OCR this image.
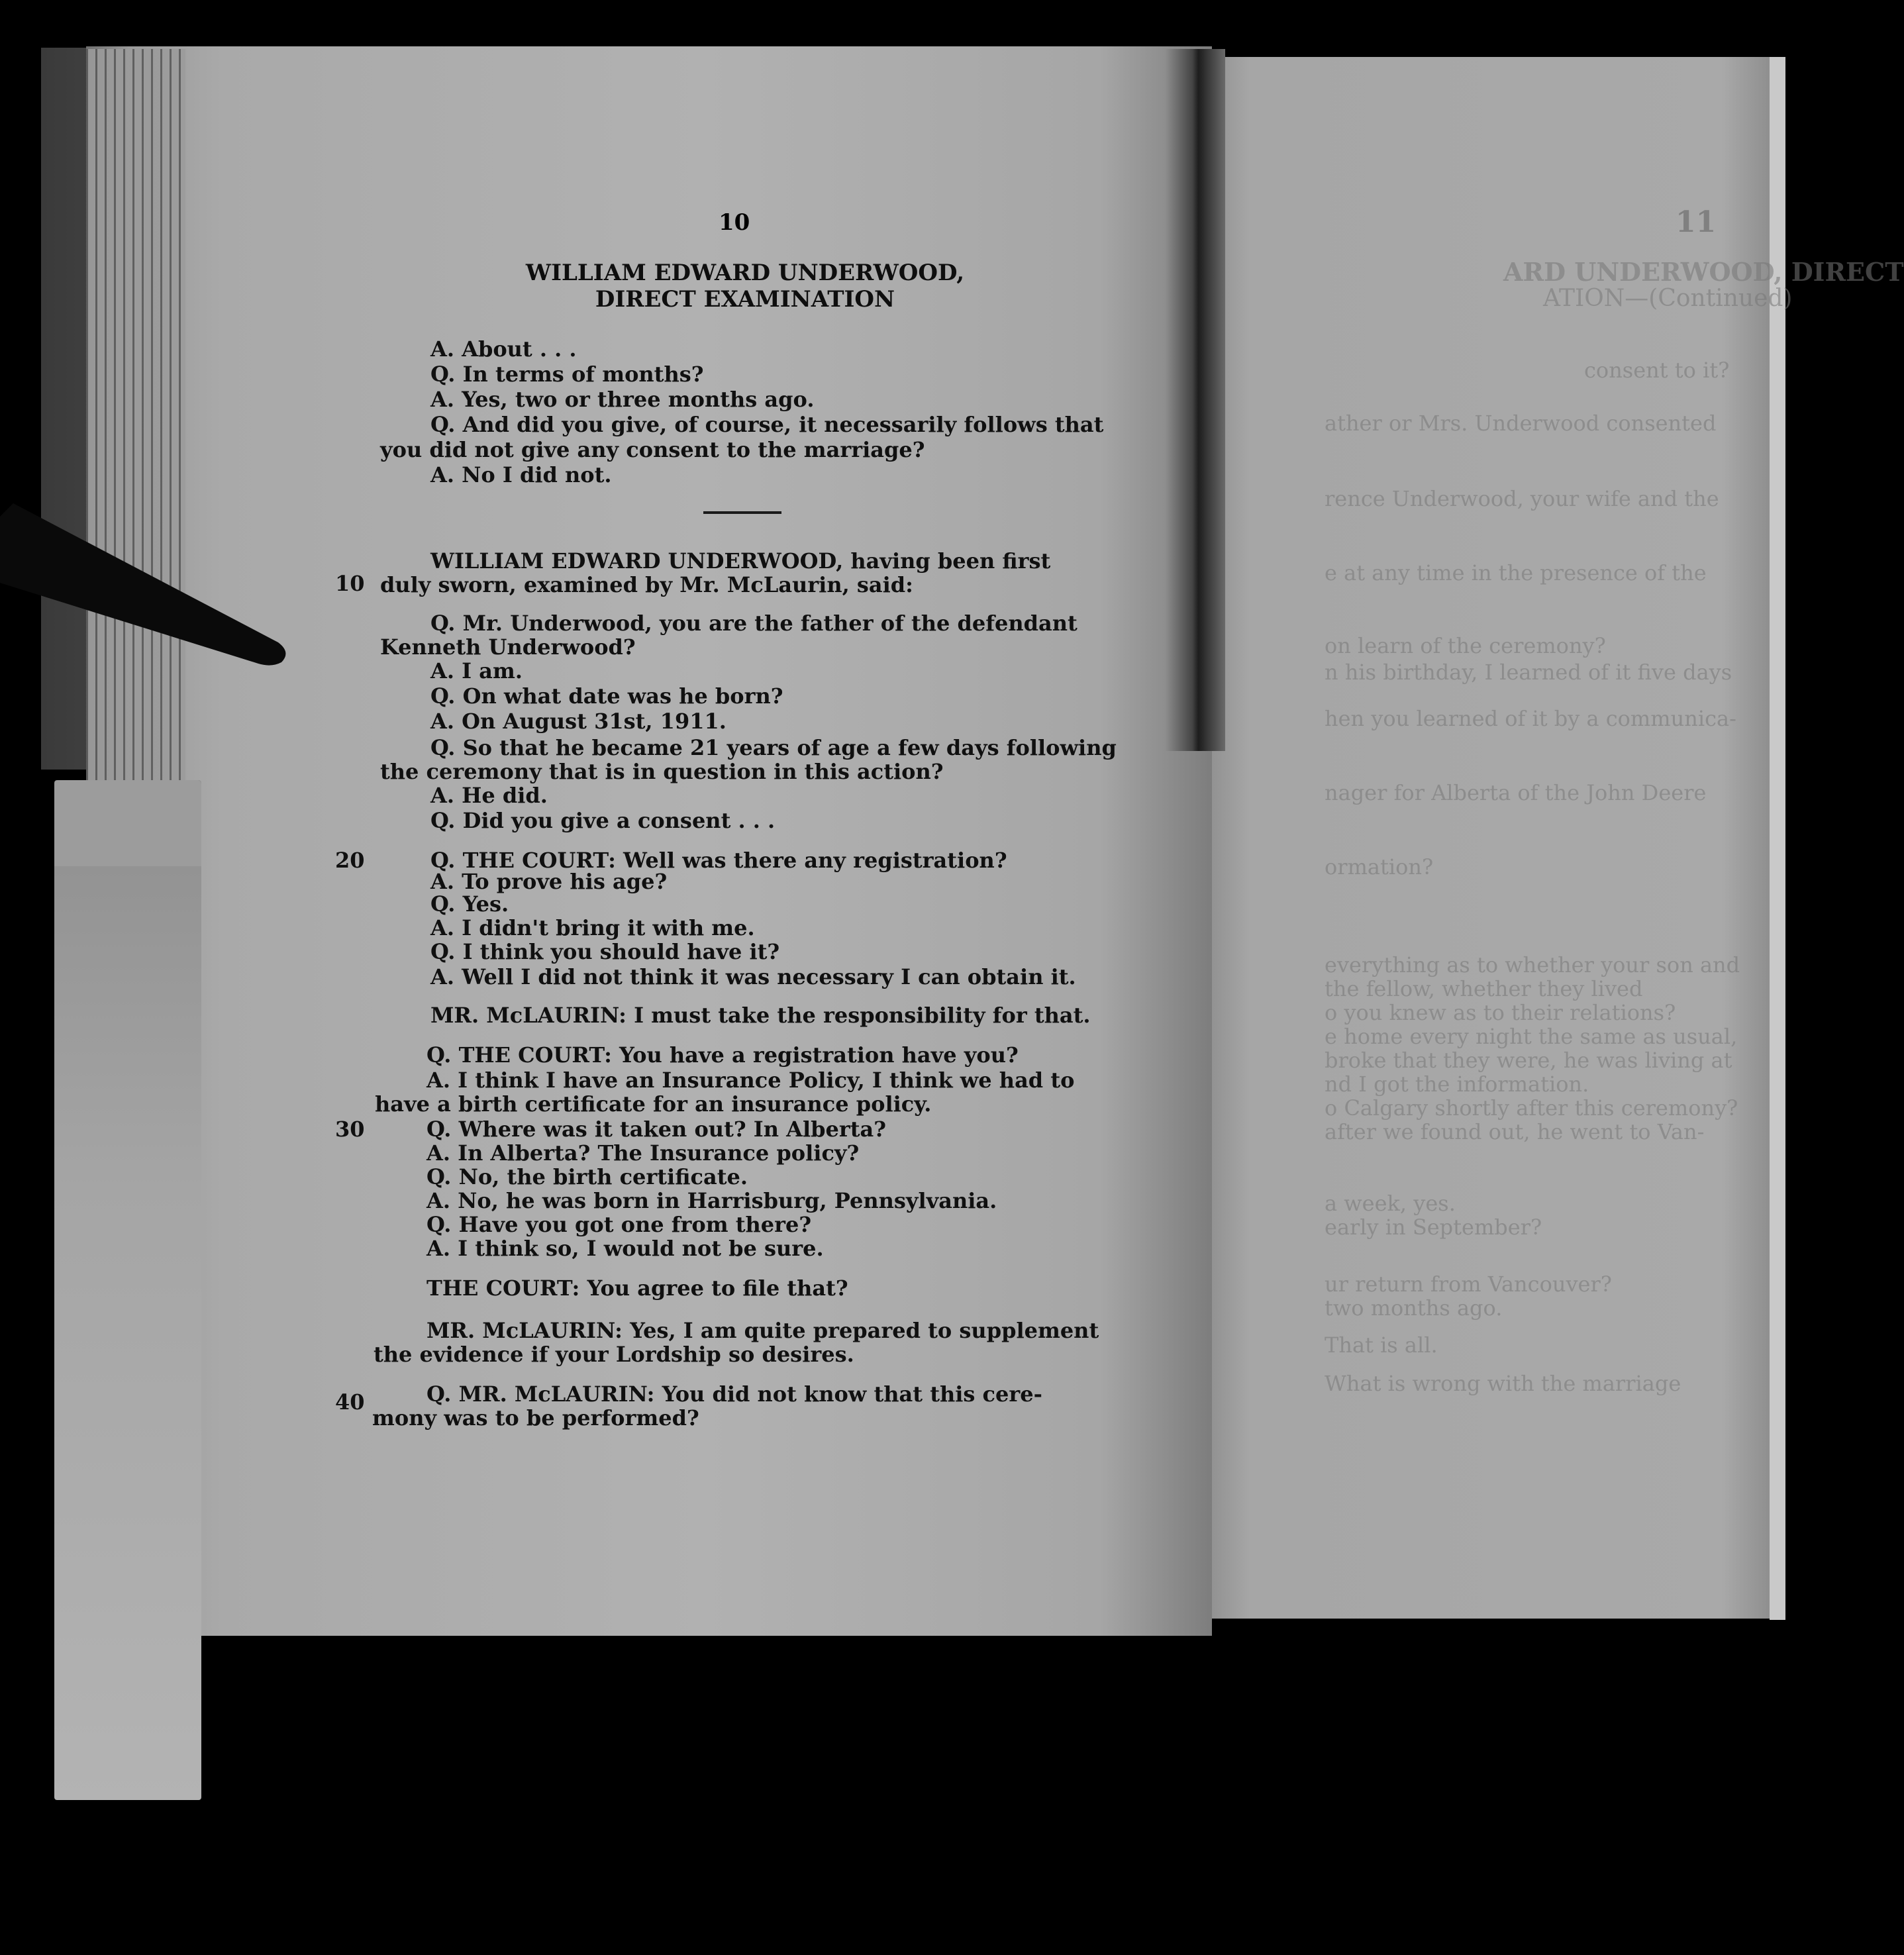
11
ARD UNDERWOOD, DIRECT
ATION—(Continued)
consent to it?
ather or Mrs. Underwood consented
rence Underwood, your wife and the
e at any time in the presence of the
on learn of the ceremony?
n his birthday, I learned of it five days
hen you learned of it by a communica-
nager for Alberta of the John Deere
ormation?
everything as to whether your son and
the fellow, whether they lived
o you knew as to their relations?
e home every night the same as usual,
broke that they were, he was living at
nd I got the information.
o Calgary shortly after this ceremony?
after we found out, he went to Van-
a week, yes.
early in September?
ur return from Vancouver?
two months ago.
That is all.
What is wrong with the marriage
10
WILLIAM EDWARD UNDERWOOD,
DIRECT EXAMINATION
10
20
30
40
A. About . . .
Q. In terms of months?
A. Yes, two or three months ago.
Q. And did you give, of course, it necessarily follows that
you did not give any consent to the marriage?
A. No I did not.
WILLIAM EDWARD UNDERWOOD, having been first
duly sworn, examined by Mr. McLaurin, said:
Q. Mr. Underwood, you are the father of the defendant
Kenneth Underwood?
A. I am.
Q. On what date was he born?
A. On August 31st, 1911.
Q. So that he became 21 years of age a few days following
the ceremony that is in question in this action?
A. He did.
Q. Did you give a consent . . .
Q. THE COURT: Well was there any registration?
A. To prove his age?
Q. Yes.
A. I didn't bring it with me.
Q. I think you should have it?
A. Well I did not think it was necessary I can obtain it.
MR. McLAURIN: I must take the responsibility for that.
Q. THE COURT: You have a registration have you?
A. I think I have an Insurance Policy, I think we had to
have a birth certificate for an insurance policy.
Q. Where was it taken out? In Alberta?
A. In Alberta? The Insurance policy?
Q. No, the birth certificate.
A. No, he was born in Harrisburg, Pennsylvania.
Q. Have you got one from there?
A. I think so, I would not be sure.
THE COURT: You agree to file that?
MR. McLAURIN: Yes, I am quite prepared to supplement
the evidence if your Lordship so desires.
Q. MR. McLAURIN: You did not know that this cere-
mony was to be performed?
